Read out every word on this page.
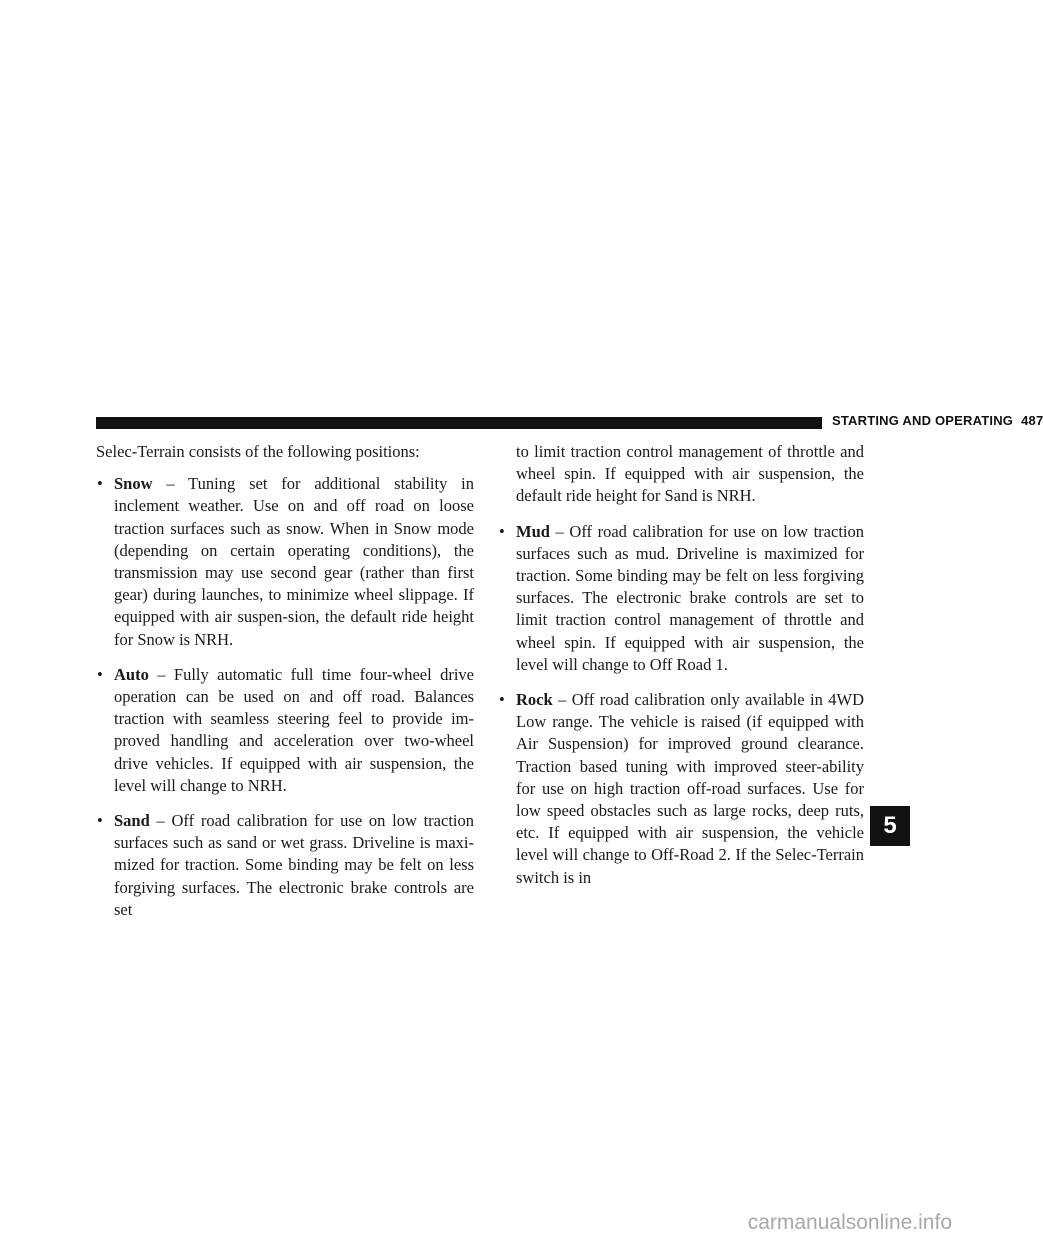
STARTING AND OPERATING 487

Selec-Terrain consists of the following positions:

• Snow – Tuning set for additional stability in inclement weather. Use on and off road on loose traction surfaces such as snow. When in Snow mode (depending on certain operating conditions), the transmission may use second gear (rather than first gear) during launches, to minimize wheel slippage. If equipped with air suspen-sion, the default ride height for Snow is NRH.
• Auto – Fully automatic full time four-wheel drive operation can be used on and off road. Balances traction with seamless steering feel to provide im-proved handling and acceleration over two-wheel drive vehicles. If equipped with air suspension, the level will change to NRH.
• Sand – Off road calibration for use on low traction surfaces such as sand or wet grass. Driveline is maxi-mized for traction. Some binding may be felt on less forgiving surfaces. The electronic brake controls are set

to limit traction control management of throttle and wheel spin. If equipped with air suspension, the default ride height for Sand is NRH.

• Mud – Off road calibration for use on low traction surfaces such as mud. Driveline is maximized for traction. Some binding may be felt on less forgiving surfaces. The electronic brake controls are set to limit traction control management of throttle and wheel spin. If equipped with air suspension, the level will change to Off Road 1.
• Rock – Off road calibration only available in 4WD Low range. The vehicle is raised (if equipped with Air Suspension) for improved ground clearance. Traction based tuning with improved steer-ability for use on high traction off-road surfaces. Use for low speed obstacles such as large rocks, deep ruts, etc. If equipped with air suspension, the vehicle level will change to Off-Road 2. If the Selec-Terrain switch is in
5
carmanualsonline.info
